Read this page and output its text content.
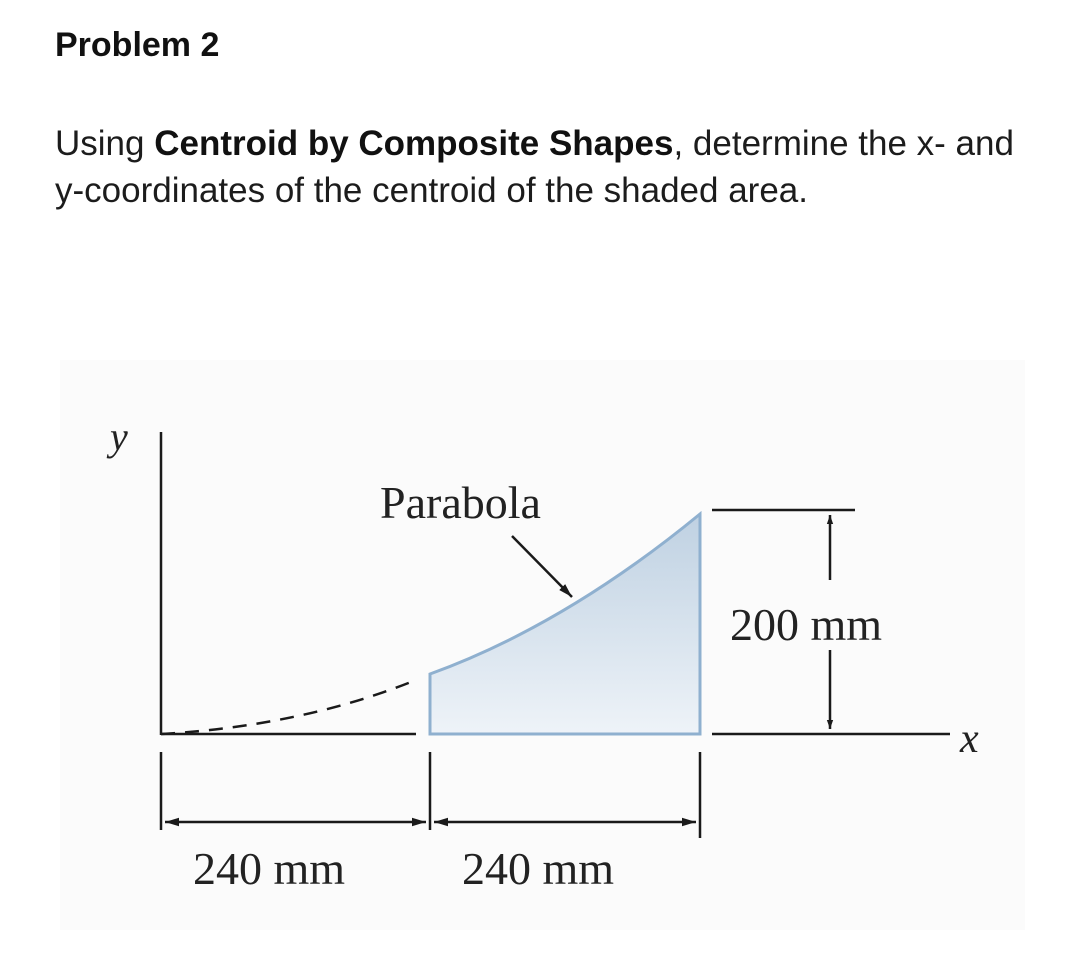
Problem 2

Using Centroid by Composite Shapes, determine the x- and y-coordinates of the centroid of the shaded area.

y
x
Parabola
200 mm
240 mm	240 mm
